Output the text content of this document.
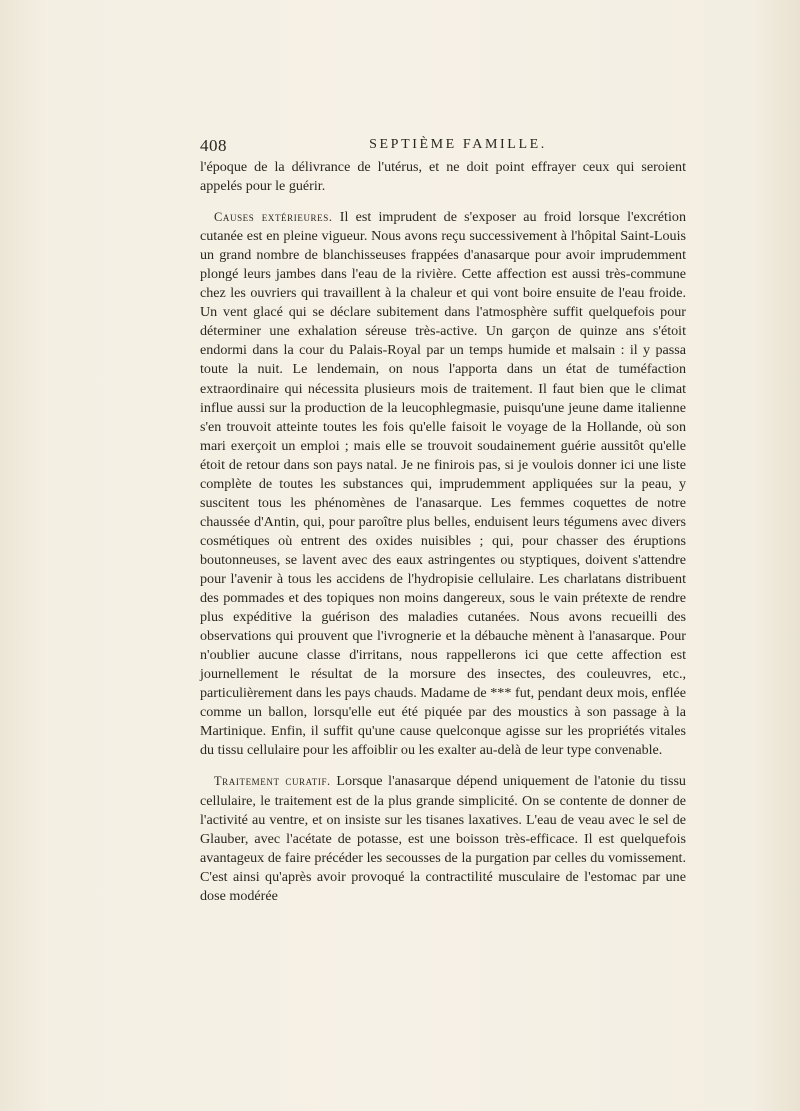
408	SEPTIÈME FAMILLE.

l'époque de la délivrance de l'utérus, et ne doit point effrayer ceux qui seroient appelés pour le guérir.

Causes extérieures. Il est imprudent de s'exposer au froid lorsque l'excrétion cutanée est en pleine vigueur. Nous avons reçu successivement à l'hôpital Saint-Louis un grand nombre de blanchisseuses frappées d'anasarque pour avoir imprudemment plongé leurs jambes dans l'eau de la rivière. Cette affection est aussi très-commune chez les ouvriers qui travaillent à la chaleur et qui vont boire ensuite de l'eau froide. Un vent glacé qui se déclare subitement dans l'atmosphère suffit quelquefois pour déterminer une exhalation séreuse très-active. Un garçon de quinze ans s'étoit endormi dans la cour du Palais-Royal par un temps humide et malsain : il y passa toute la nuit. Le lendemain, on nous l'apporta dans un état de tuméfaction extraordinaire qui nécessita plusieurs mois de traitement. Il faut bien que le climat influe aussi sur la production de la leucophlegmasie, puisqu'une jeune dame italienne s'en trouvoit atteinte toutes les fois qu'elle faisoit le voyage de la Hollande, où son mari exerçoit un emploi ; mais elle se trouvoit soudainement guérie aussitôt qu'elle étoit de retour dans son pays natal. Je ne finirois pas, si je voulois donner ici une liste complète de toutes les substances qui, imprudemment appliquées sur la peau, y suscitent tous les phénomènes de l'anasarque. Les femmes coquettes de notre chaussée d'Antin, qui, pour paroître plus belles, enduisent leurs tégumens avec divers cosmétiques où entrent des oxides nuisibles ; qui, pour chasser des éruptions boutonneuses, se lavent avec des eaux astringentes ou styptiques, doivent s'attendre pour l'avenir à tous les accidens de l'hydropisie cellulaire. Les charlatans distribuent des pommades et des topiques non moins dangereux, sous le vain prétexte de rendre plus expéditive la guérison des maladies cutanées. Nous avons recueilli des observations qui prouvent que l'ivrognerie et la débauche mènent à l'anasarque. Pour n'oublier aucune classe d'irritans, nous rappellerons ici que cette affection est journellement le résultat de la morsure des insectes, des couleuvres, etc., particulièrement dans les pays chauds. Madame de *** fut, pendant deux mois, enflée comme un ballon, lorsqu'elle eut été piquée par des moustics à son passage à la Martinique. Enfin, il suffit qu'une cause quelconque agisse sur les propriétés vitales du tissu cellulaire pour les affoiblir ou les exalter au-delà de leur type convenable.

Traitement curatif. Lorsque l'anasarque dépend uniquement de l'atonie du tissu cellulaire, le traitement est de la plus grande simplicité. On se contente de donner de l'activité au ventre, et on insiste sur les tisanes laxatives. L'eau de veau avec le sel de Glauber, avec l'acétate de potasse, est une boisson très-efficace. Il est quelquefois avantageux de faire précéder les secousses de la purgation par celles du vomissement. C'est ainsi qu'après avoir provoqué la contractilité musculaire de l'estomac par une dose modérée
